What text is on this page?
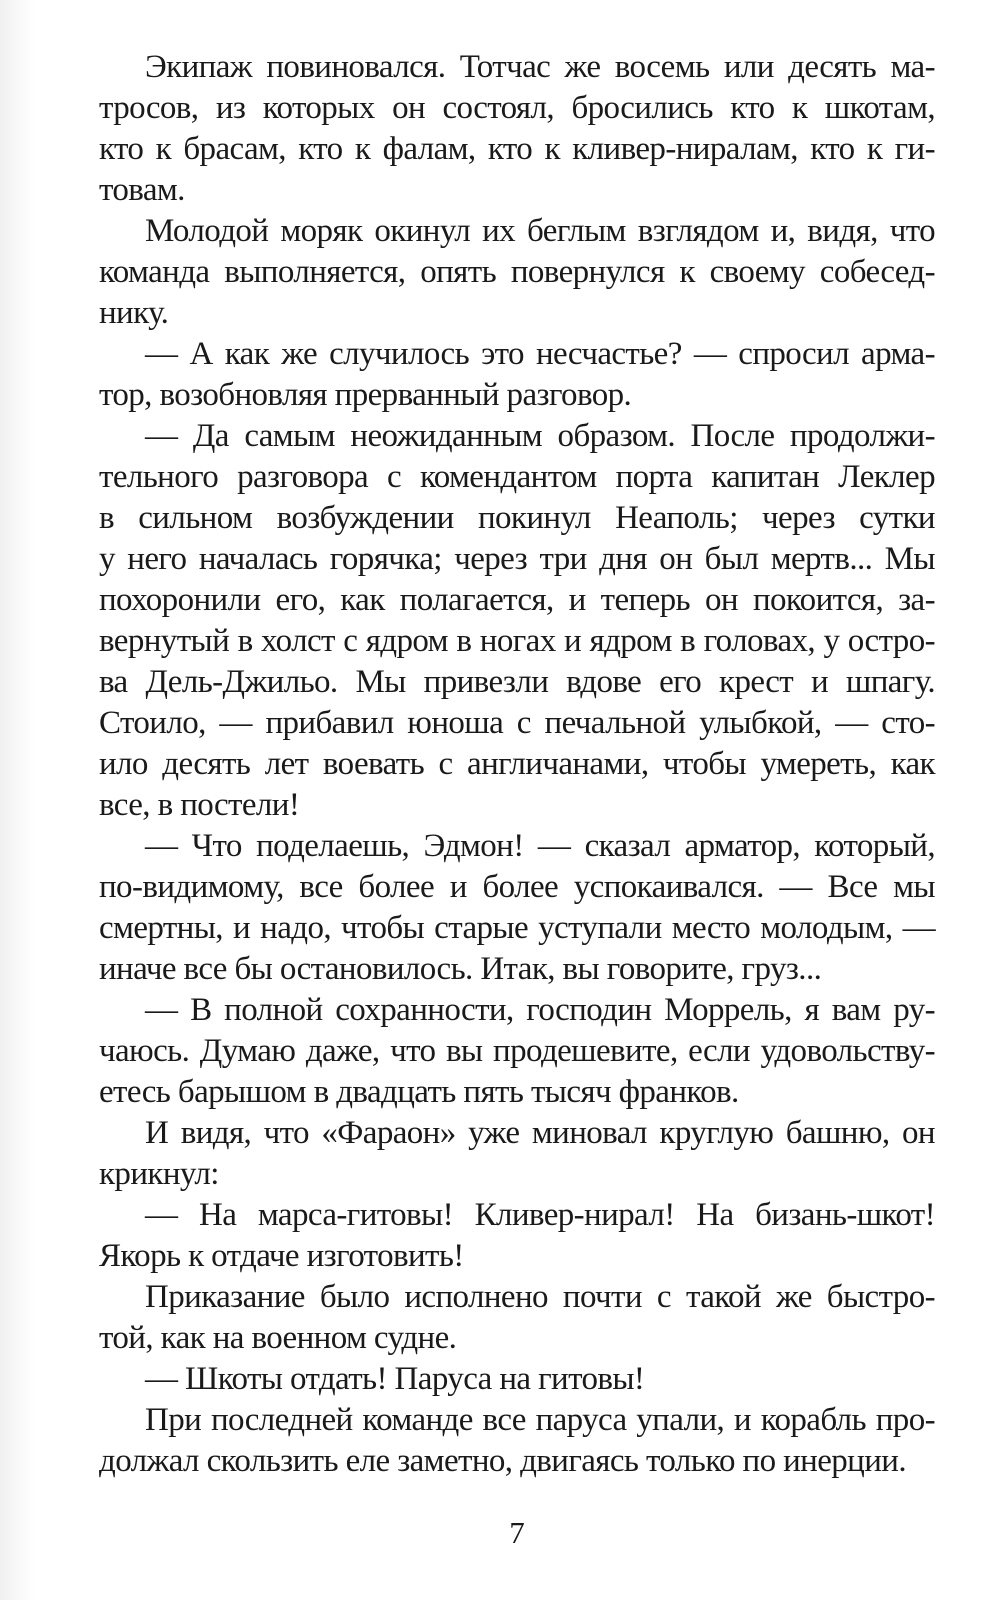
Экипаж повиновался. Тотчас же восемь или десять ма-
тросов, из которых он состоял, бросились кто к шкотам,
кто к брасам, кто к фалам, кто к кливер-ниралам, кто к ги-
товам.
Молодой моряк окинул их беглым взглядом и, видя, что
команда выполняется, опять повернулся к своему собесед-
нику.
— А как же случилось это несчастье? — спросил арма-
тор, возобновляя прерванный разговор.
— Да самым неожиданным образом. После продолжи-
тельного разговора с комендантом порта капитан Леклер
в сильном возбуждении покинул Неаполь; через сутки
у него началась горячка; через три дня он был мертв... Мы
похоронили его, как полагается, и теперь он покоится, за-
вернутый в холст с ядром в ногах и ядром в головах, у остро-
ва Дель-Джильо. Мы привезли вдове его крест и шпагу.
Стоило, — прибавил юноша с печальной улыбкой, — сто-
ило десять лет воевать с англичанами, чтобы умереть, как
все, в постели!
— Что поделаешь, Эдмон! — сказал арматор, который,
по-видимому, все более и более успокаивался. — Все мы
смертны, и надо, чтобы старые уступали место молодым, —
иначе все бы остановилось. Итак, вы говорите, груз...
— В полной сохранности, господин Моррель, я вам ру-
чаюсь. Думаю даже, что вы продешевите, если удовольству-
етесь барышом в двадцать пять тысяч франков.
И видя, что «Фараон» уже миновал круглую башню, он
крикнул:
— На марса-гитовы! Кливер-нирал! На бизань-шкот!
Якорь к отдаче изготовить!
Приказание было исполнено почти с такой же быстро-
той, как на военном судне.
— Шкоты отдать! Паруса на гитовы!
При последней команде все паруса упали, и корабль про-
должал скользить еле заметно, двигаясь только по инерции.
7
